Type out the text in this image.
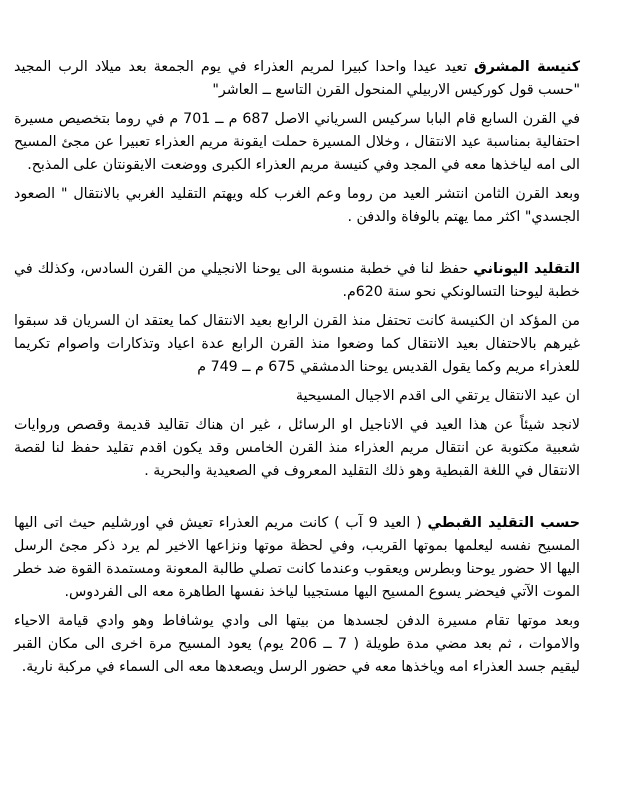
كنيسة المشرق تعيد عيدا واحدا كبيرا لمريم العذراء في يوم الجمعة بعد ميلاد الرب المجيد "حسب قول كوركيس الاربيلي المنحول القرن التاسع ــ العاشر"

في القرن السابع قام البابا سركيس السرياني الاصل 687 م ــ 701 م في روما بتخصيص مسيرة احتفالية بمناسبة عيد الانتقال ، وخلال المسيرة حملت ايقونة مريم العذراء تعبيرا عن مجئ المسيح الى امه لياخذها معه في المجد وفي كنيسة مريم العذراء الكبرى ووضعت الايقونتان على المذبح.

وبعد القرن الثامن انتشر العيد من روما وعم الغرب كله ويهتم التقليد الغربي بالانتقال " الصعود الجسدي" اكثر مما يهتم بالوفاة والدفن .

التقليد اليوناني حفظ لنا في خطبة منسوبة الى يوحنا الانجيلي من القرن السادس، وكذلك في خطبة ليوحنا التسالونكي نحو سنة 620م.

من المؤكد ان الكنيسة كانت تحتفل منذ القرن الرابع بعيد الانتقال كما يعتقد ان السريان قد سبقوا غيرهم بالاحتفال بعيد الانتقال كما وضعوا منذ القرن الرابع عدة اعياد وتذكارات واصوام تكريما للعذراء مريم وكما يقول القديس يوحنا الدمشقي 675 م ــ 749 م

ان عيد الانتقال يرتقي الى اقدم الاجيال المسيحية

لانجد شيئاً عن هذا العيد في الاناجيل او الرسائل ، غير ان هناك تقاليد قديمة وقصص وروايات شعبية مكتوبة عن انتقال مريم العذراء منذ القرن الخامس وقد يكون اقدم تقليد حفظ لنا لقصة الانتقال في اللغة القبطية وهو ذلك التقليد المعروف في الصعيدية والبحرية .

حسب التقليد القبطي ( العيد 9 آب ) كانت مريم العذراء تعيش في اورشليم حيث اتى اليها المسيح نفسه ليعلمها بموتها القريب، وفي لحظة موتها ونزاعها الاخير لم يرد ذكر مجئ الرسل اليها الا حضور يوحنا وبطرس ويعقوب وعندما كانت تصلي طالبة المعونة ومستمدة القوة ضد خطر الموت الآتي فيحضر يسوع المسيح اليها مستجيبا لياخذ نفسها الطاهرة معه الى الفردوس.

وبعد موتها تقام مسيرة الدفن لجسدها من بيتها الى وادي يوشافاط وهو وادي قيامة الاحياء والاموات ، ثم بعد مضي مدة طويلة ( 7 ــ 206 يوم) يعود المسيح مرة اخرى الى مكان القبر ليقيم جسد العذراء امه وياخذها معه في حضور الرسل ويصعدها معه الى السماء في مركبة نارية.
